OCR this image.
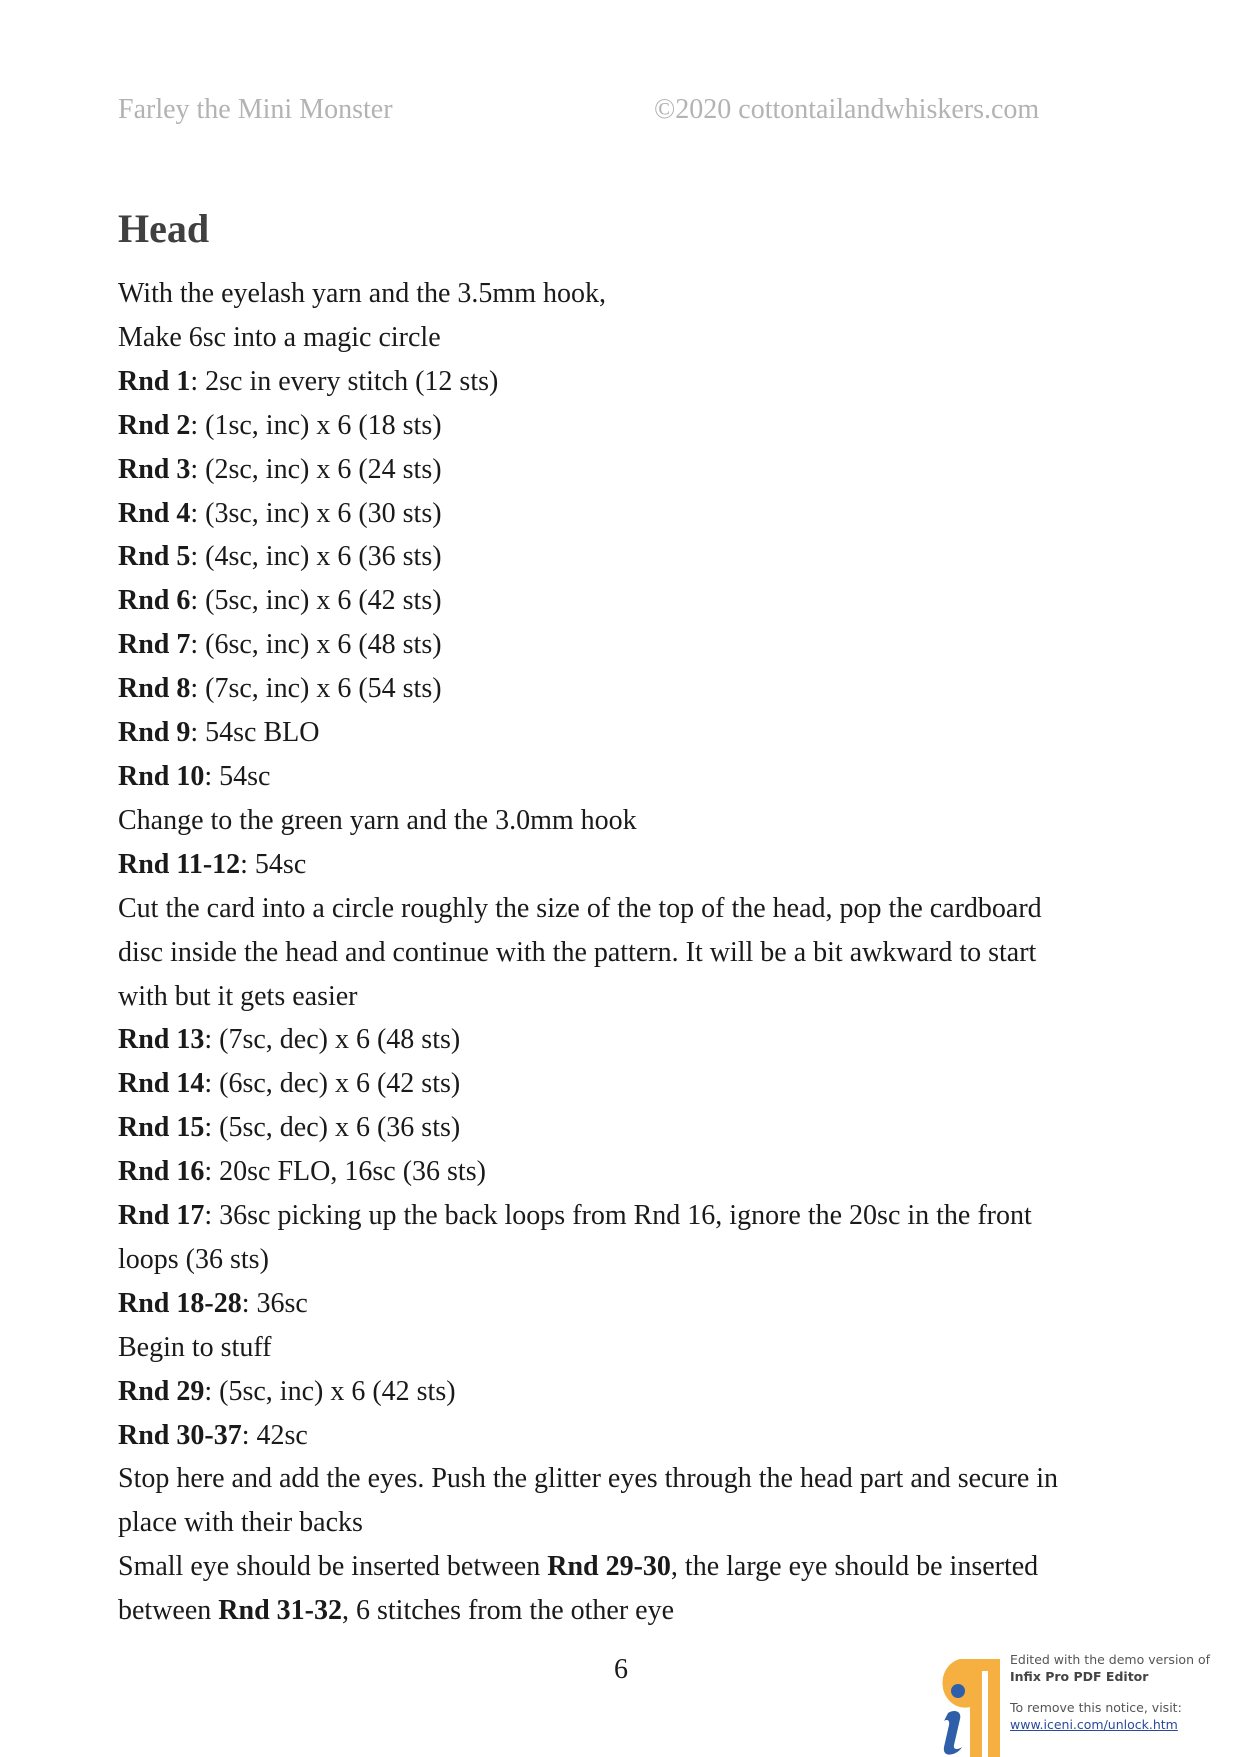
Farley the Mini Monster	©2020 cottontailandwhiskers.com
Head

With the eyelash yarn and the 3.5mm hook,

Make 6sc into a magic circle

Rnd 1: 2sc in every stitch (12 sts)

Rnd 2: (1sc, inc) x 6 (18 sts)

Rnd 3: (2sc, inc) x 6 (24 sts)

Rnd 4: (3sc, inc) x 6 (30 sts)

Rnd 5: (4sc, inc) x 6 (36 sts)

Rnd 6: (5sc, inc) x 6 (42 sts)

Rnd 7: (6sc, inc) x 6 (48 sts)

Rnd 8: (7sc, inc) x 6 (54 sts)

Rnd 9: 54sc BLO

Rnd 10: 54sc

Change to the green yarn and the 3.0mm hook

Rnd 11-12: 54sc

Cut the card into a circle roughly the size of the top of the head, pop the cardboard

disc inside the head and continue with the pattern. It will be a bit awkward to start

with but it gets easier

Rnd 13: (7sc, dec) x 6 (48 sts)

Rnd 14: (6sc, dec) x 6 (42 sts)

Rnd 15: (5sc, dec) x 6 (36 sts)

Rnd 16: 20sc FLO, 16sc (36 sts)

Rnd 17: 36sc picking up the back loops from Rnd 16, ignore the 20sc in the front

loops (36 sts)

Rnd 18-28: 36sc

Begin to stuff

Rnd 29: (5sc, inc) x 6 (42 sts)

Rnd 30-37: 42sc

Stop here and add the eyes. Push the glitter eyes through the head part and secure in

place with their backs

Small eye should be inserted between Rnd 29-30, the large eye should be inserted

between Rnd 31-32, 6 stitches from the other eye

6	Edited with the demo version of
Infix Pro PDF Editor
To remove this notice, visit:
www.iceni.com/unlock.htm
